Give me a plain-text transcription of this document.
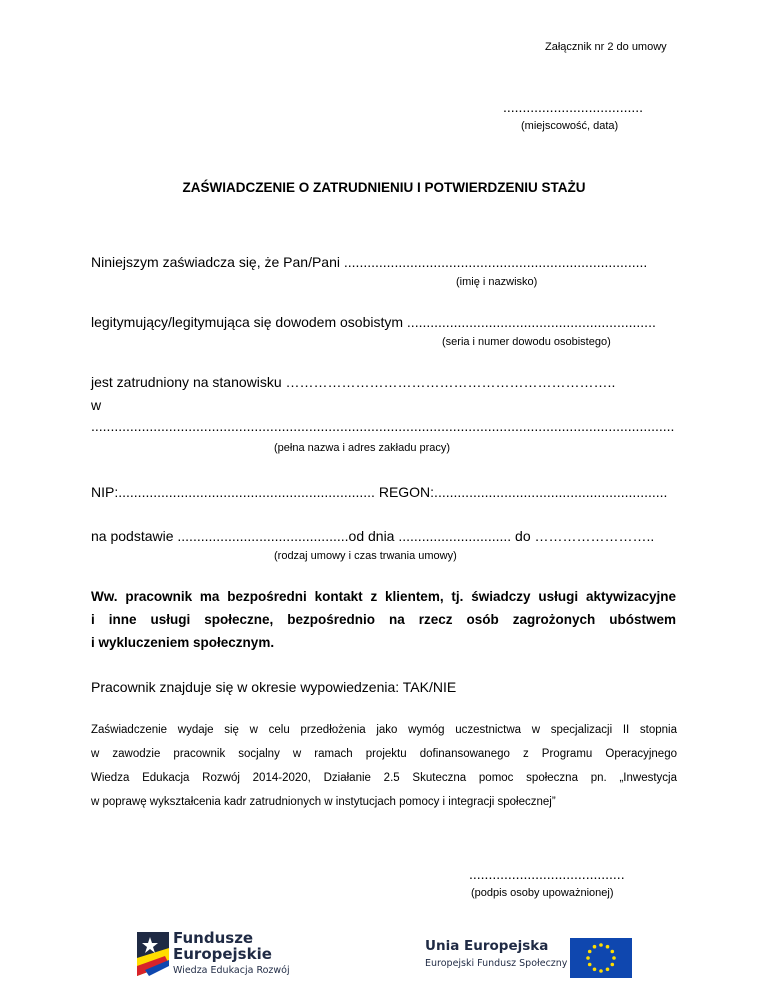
Załącznik nr 2 do umowy
....................................
(miejscowość, data)
ZAŚWIADCZENIE O ZATRUDNIENIU I POTWIERDZENIU STAŻU
Niniejszym zaświadcza się, że Pan/Pani ..............................................................................
(imię i nazwisko)
legitymujący/legitymująca się dowodem osobistym ................................................................
(seria i numer dowodu osobistego)
jest zatrudniony na stanowisku ……………………………………………………………..
w
......................................................................................................................................................
(pełna nazwa i adres zakładu pracy)
NIP:.................................................................. REGON:............................................................
na podstawie ............................................od dnia ............................. do ……………………..
(rodzaj umowy i czas trwania umowy)
Ww. pracownik ma bezpośredni kontakt z klientem, tj. świadczy usługi aktywizacyjne
i inne usługi społeczne, bezpośrednio na rzecz osób zagrożonych ubóstwem
i wykluczeniem społecznym.
Pracownik znajduje się w okresie wypowiedzenia: TAK/NIE
Zaświadczenie wydaje się w celu przedłożenia jako wymóg uczestnictwa w specjalizacji II stopnia
w zawodzie pracownik socjalny w ramach projektu dofinansowanego z Programu Operacyjnego
Wiedza Edukacja Rozwój 2014-2020, Działanie 2.5 Skuteczna pomoc społeczna pn. „Inwestycja
w poprawę wykształcenia kadr zatrudnionych w instytucjach pomocy i integracji społecznej”
........................................
(podpis osoby upoważnionej)
Fundusze
Europejskie
Wiedza Edukacja Rozwój
Unia Europejska
Europejski Fundusz Społeczny
